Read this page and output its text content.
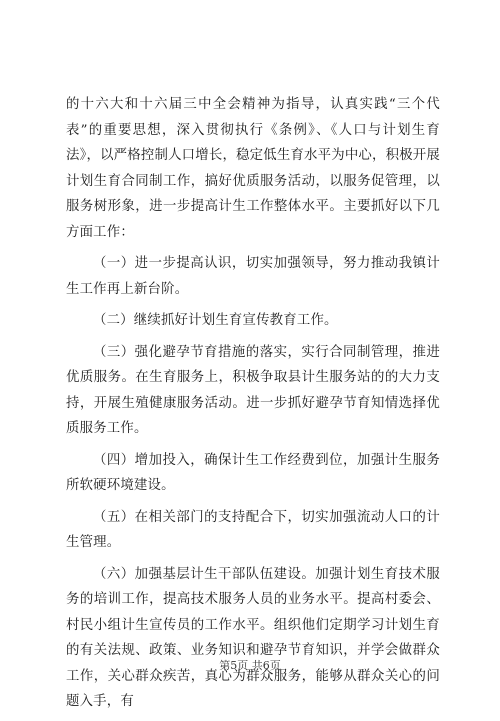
的十六大和十六届三中全会精神为指导，认真实践“三个代表”的重要思想，深入贯彻执行《条例》、《人口与计划生育法》，以严格控制人口增长，稳定低生育水平为中心，积极开展计划生育合同制工作，搞好优质服务活动，以服务促管理，以服务树形象，进一步提高计生工作整体水平。主要抓好以下几方面工作：

（一）进一步提高认识，切实加强领导，努力推动我镇计生工作再上新台阶。

（二）继续抓好计划生育宣传教育工作。

（三）强化避孕节育措施的落实，实行合同制管理，推进优质服务。在生育服务上，积极争取县计生服务站的的大力支持，开展生殖健康服务活动。进一步抓好避孕节育知情选择优质服务工作。

（四）增加投入，确保计生工作经费到位，加强计生服务所软硬环境建设。

（五）在相关部门的支持配合下，切实加强流动人口的计生管理。

（六）加强基层计生干部队伍建设。加强计划生育技术服务的培训工作，提高技术服务人员的业务水平。提高村委会、村民小组计生宣传员的工作水平。组织他们定期学习计划生育的有关法规、政策、业务知识和避孕节育知识，并学会做群众工作，关心群众疾苦，真心为群众服务，能够从群众关心的问题入手，有

第5页 共6页
